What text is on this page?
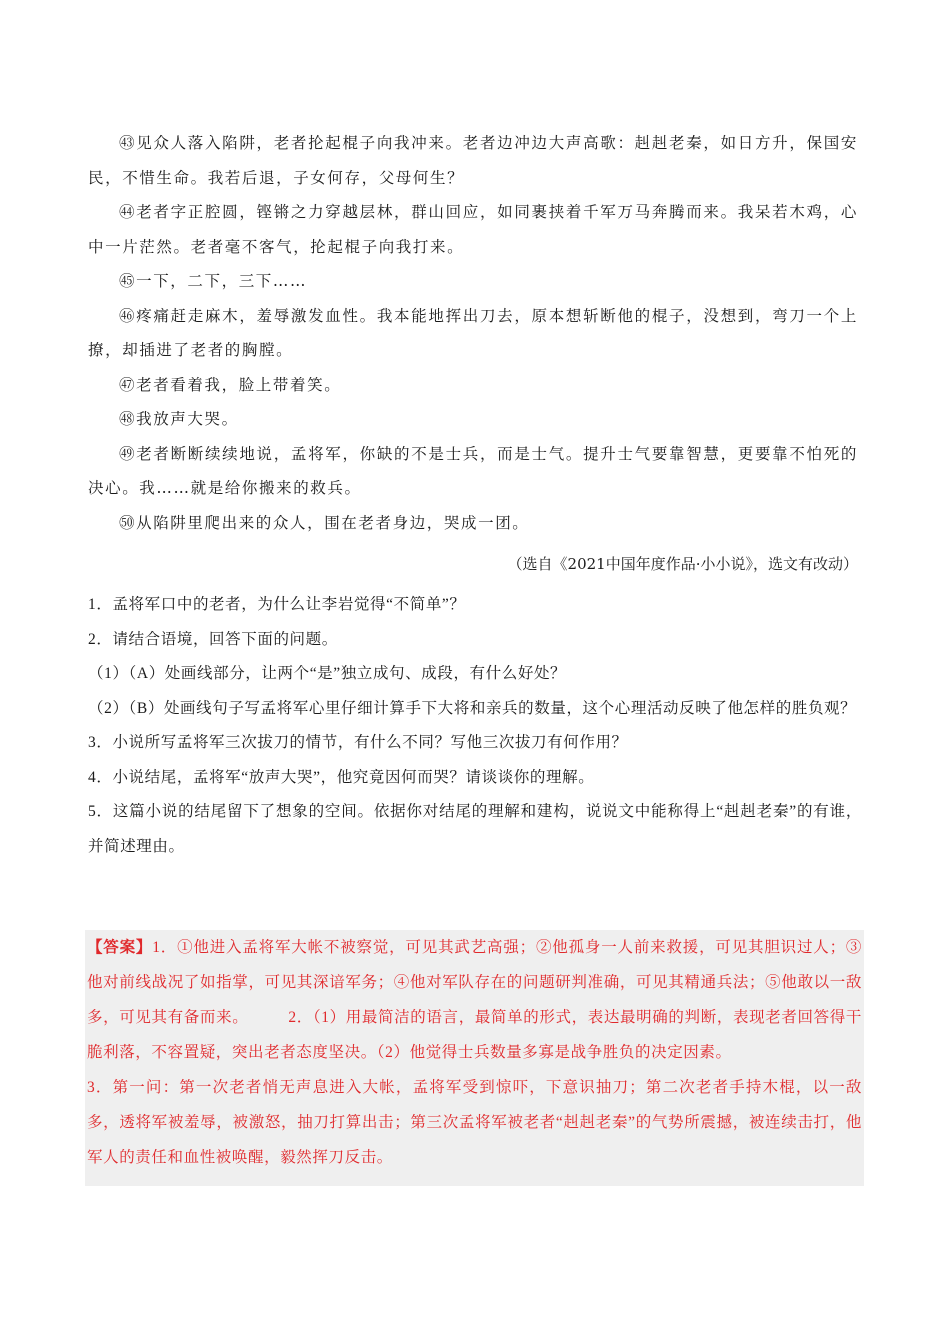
㊸见众人落入陷阱，老者抡起棍子向我冲来。老者边冲边大声高歌：赳赳老秦，如日方升，保国安民，不惜生命。我若后退，子女何存，父母何生？

㊹老者字正腔圆，铿锵之力穿越层林，群山回应，如同裹挟着千军万马奔腾而来。我呆若木鸡，心中一片茫然。老者毫不客气，抡起棍子向我打来。

㊺一下，二下，三下……

㊻疼痛赶走麻木，羞辱激发血性。我本能地挥出刀去，原本想斩断他的棍子，没想到，弯刀一个上撩，却插进了老者的胸膛。

㊼老者看着我，脸上带着笑。

㊽我放声大哭。

㊾老者断断续续地说，孟将军，你缺的不是士兵，而是士气。提升士气要靠智慧，更要靠不怕死的决心。我……就是给你搬来的救兵。

㊿从陷阱里爬出来的众人，围在老者身边，哭成一团。

（选自《2021中国年度作品·小小说》，选文有改动）

1．孟将军口中的老者，为什么让李岩觉得“不简单”？

2．请结合语境，回答下面的问题。

（1）（A）处画线部分，让两个“是”独立成句、成段，有什么好处？

（2）（B）处画线句子写孟将军心里仔细计算手下大将和亲兵的数量，这个心理活动反映了他怎样的胜负观？

3．小说所写孟将军三次拔刀的情节，有什么不同？写他三次拔刀有何作用？

4．小说结尾，孟将军“放声大哭”，他究竟因何而哭？请谈谈你的理解。

5．这篇小说的结尾留下了想象的空间。依据你对结尾的理解和建构，说说文中能称得上“赳赳老秦”的有谁，并简述理由。

【答案】1．①他进入孟将军大帐不被察觉，可见其武艺高强；②他孤身一人前来救援，可见其胆识过人；③他对前线战况了如指掌，可见其深谙军务；④他对军队存在的问题研判准确，可见其精通兵法；⑤他敢以一敌多，可见其有备而来。	2．（1）用最简洁的语言，最简单的形式，表达最明确的判断，表现老者回答得干脆利落，不容置疑，突出老者态度坚决。（2）他觉得士兵数量多寡是战争胜负的决定因素。

3．第一问：第一次老者悄无声息进入大帐，孟将军受到惊吓，下意识抽刀；第二次老者手持木棍，以一敌多，透将军被羞辱，被激怒，抽刀打算出击；第三次孟将军被老者“赳赳老秦”的气势所震撼，被连续击打，他军人的责任和血性被唤醒，毅然挥刀反击。
